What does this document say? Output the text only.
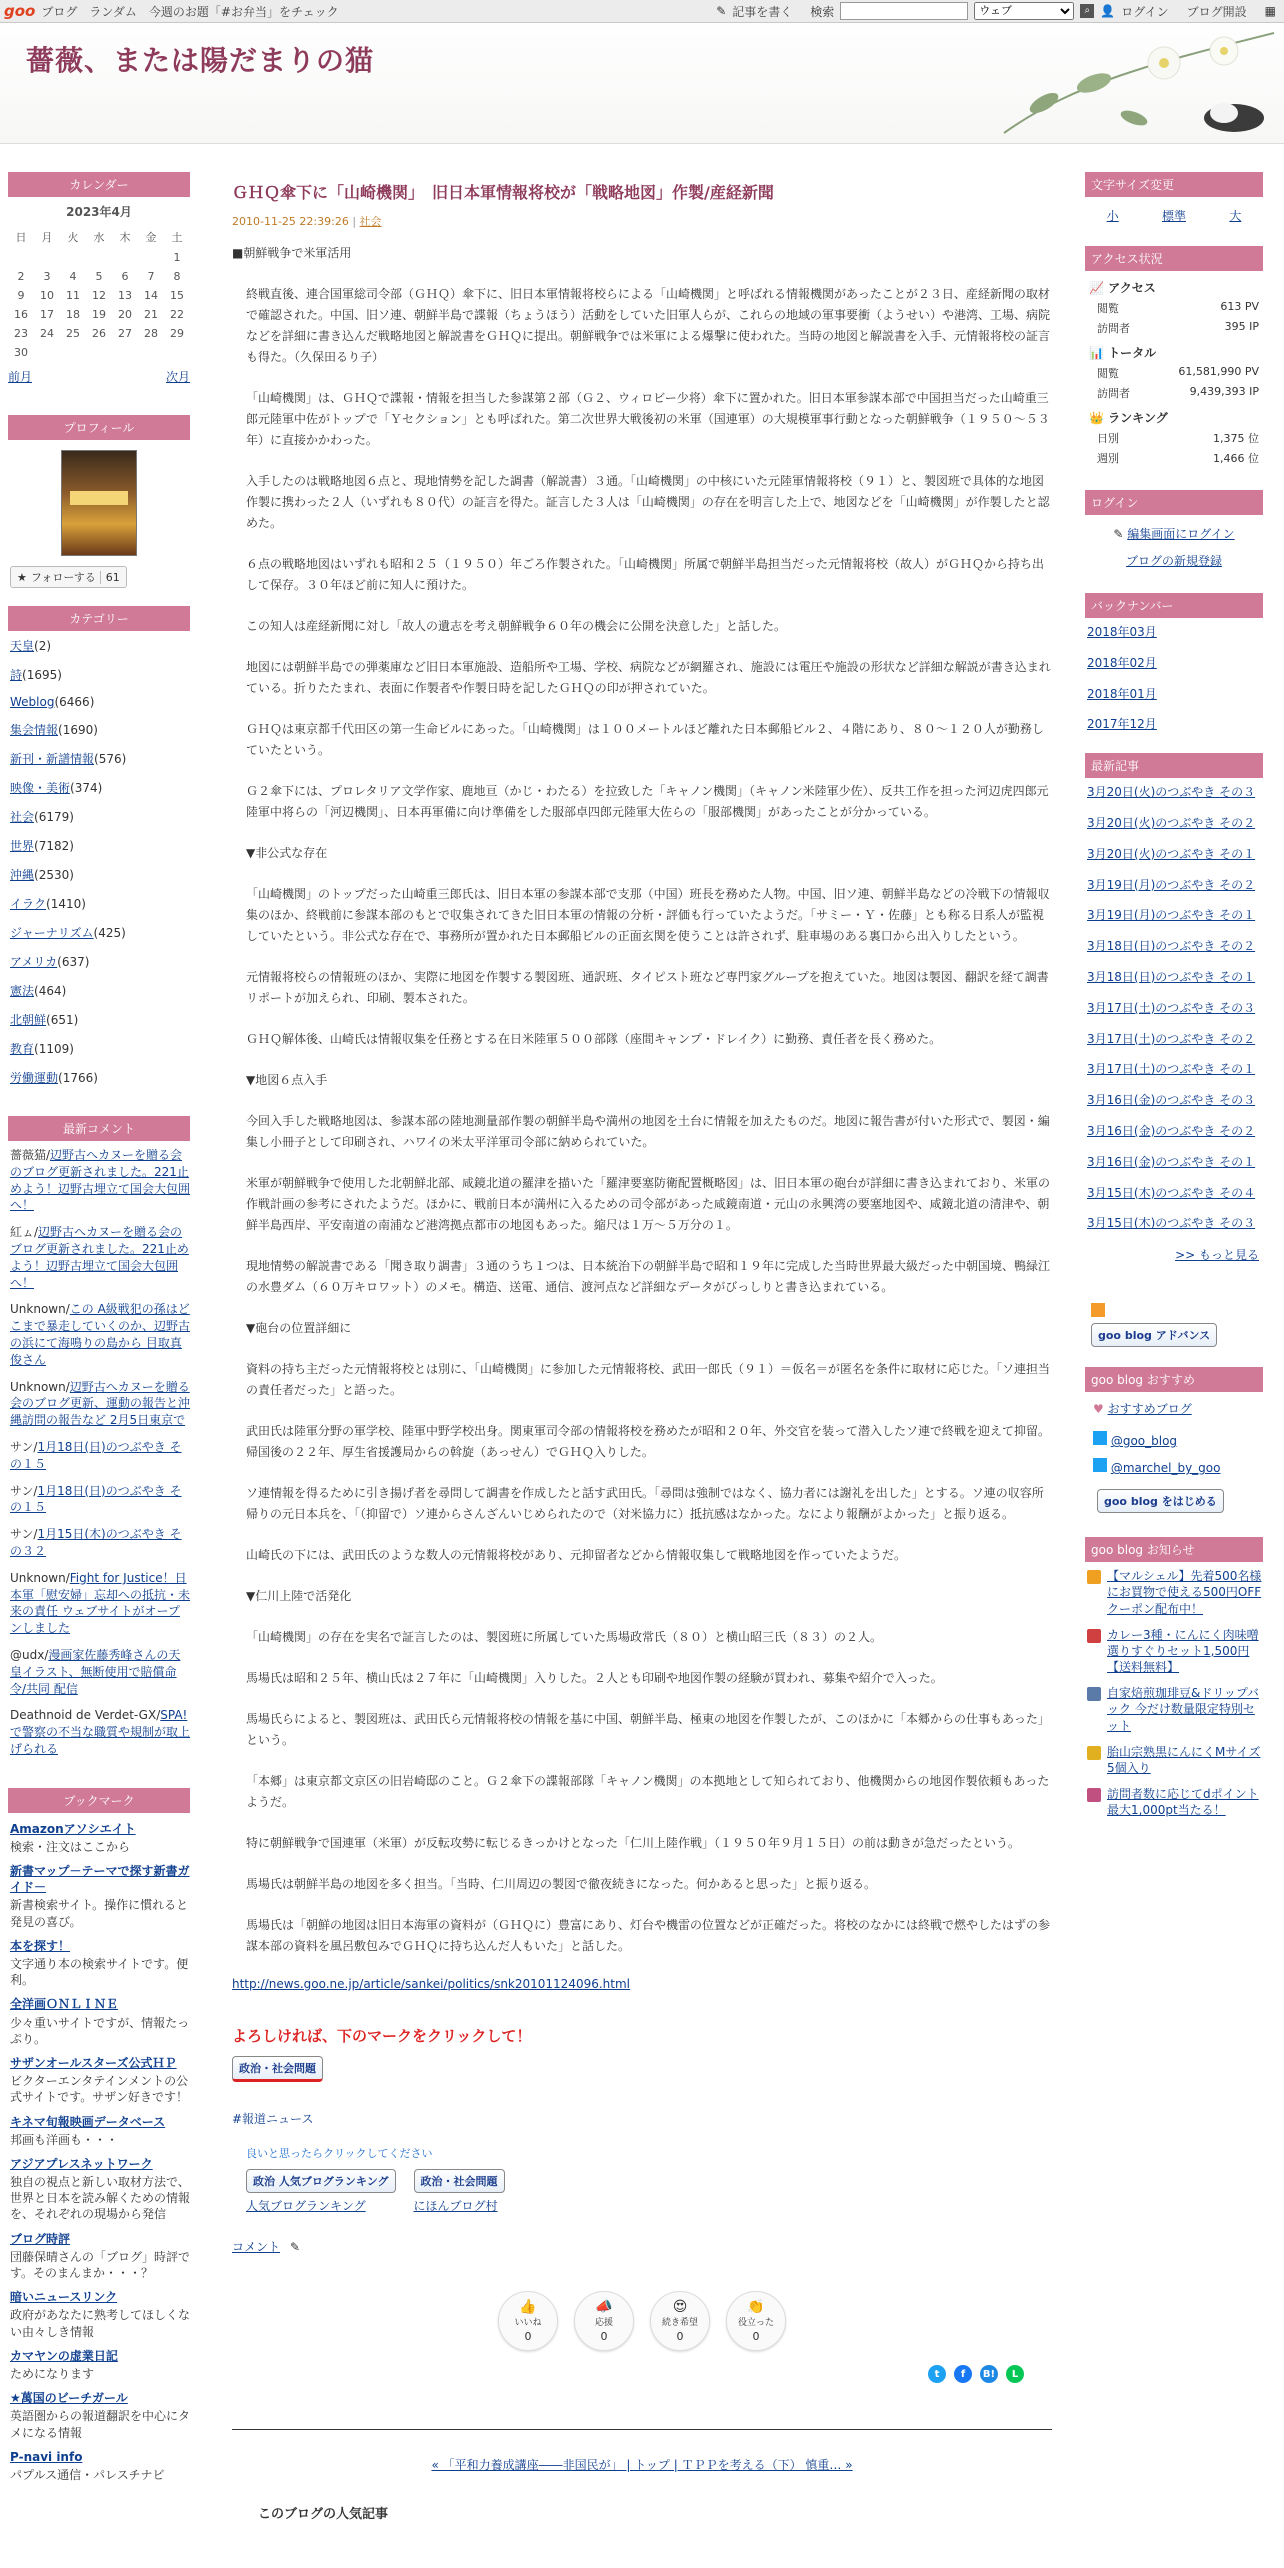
goo ブログ ランダム 今週のお題「#お弁当」をチェック	✎ 記事を書く 検索
ウェブ	⌕ 👤 ログイン ブログ開設 ▦
薔薇、または陽だまりの猫
カレンダー
2023年4月
日	月	火	水	木	金	土
						1
2	3	4	5	6	7	8
9	10	11	12	13	14	15
16	17	18	19	20	21	22
23	24	25	26	27	28	29
30						
前月	次月
プロフィール
★ フォローする 61
カテゴリー
天皇(2)
詩(1695)
Weblog(6466)
集会情報(1690)
新刊・新譜情報(576)
映像・美術(374)
社会(6179)
世界(7182)
沖縄(2530)
イラク(1410)
ジャーナリズム(425)
アメリカ(637)
憲法(464)
北朝鮮(651)
教育(1109)
労働運動(1766)
最新コメント
薔薇猫/辺野古へカヌーを贈る会のブログ更新されました。221止めよう！辺野古埋立て国会大包囲へ！
紅ㇺ/辺野古へカヌーを贈る会のブログ更新されました。221止めよう！辺野古埋立て国会大包囲へ！
Unknown/この A級戦犯の孫はどこまで暴走していくのか、辺野古の浜にて海鳴りの島から 目取真俊さん
Unknown/辺野古へカヌーを贈る会のブログ更新、運動の報告と沖縄訪問の報告など 2月5日東京で
サン/1月18日(日)のつぶやき その１５
サン/1月18日(日)のつぶやき その１５
サン/1月15日(木)のつぶやき その３２
Unknown/Fight for Justice！日本軍「慰安婦」忘却への抵抗・未来の責任 ウェブサイトがオープンしました
@udx/漫画家佐藤秀峰さんの天皇イラスト、無断使用で賠償命令/共同 配信
Deathnoid de Verdet-GX/SPA! で警察の不当な職質や規制が取上げられる
ブックマーク
Amazonアソシエイト
検索・注文はここから
新書マップ－テーマで探す新書ガイド－
新書検索サイト。操作に慣れると発見の喜び。
本を探す！
文字通り本の検索サイトです。便利。
全洋画ＯＮＬＩＮＥ
少々重いサイトですが、情報たっぷり。
サザンオールスターズ公式ＨＰ
ビクターエンタテインメントの公式サイトです。サザン好きです！
キネマ旬報映画データベース
邦画も洋画も・・・
アジアプレスネットワーク
独自の視点と新しい取材方法で、世界と日本を読み解くための情報を、それぞれの現場から発信
ブログ時評
団藤保晴さんの「ブログ」時評です。そのまんまか・・・？
暗いニュースリンク
政府があなたに熟考してほしくない由々しき情報
カマヤンの虚業日記
ためになります
★萬国のビーチガール
英語圏からの報道翻訳を中心にタメになる情報
P-navi info
パプルス通信・パレスチナビ
ＧＨＱ傘下に「山崎機関」　旧日本軍情報将校が「戦略地図」作製/産経新聞
2010-11-25 22:39:26 | 社会

■朝鮮戦争で米軍活用

終戦直後、連合国軍総司令部（ＧＨＱ）傘下に、旧日本軍情報将校らによる「山崎機関」と呼ばれる情報機関があったことが２３日、産経新聞の取材で確認された。中国、旧ソ連、朝鮮半島で諜報（ちょうほう）活動をしていた旧軍人らが、これらの地域の軍事要衝（ようせい）や港湾、工場、病院などを詳細に書き込んだ戦略地図と解説書をＧＨＱに提出。朝鮮戦争では米軍による爆撃に使われた。当時の地図と解説書を入手、元情報将校の証言も得た。（久保田るり子）

「山崎機関」は、ＧＨＱで諜報・情報を担当した参謀第２部（Ｇ２、ウィロビー少将）傘下に置かれた。旧日本軍参謀本部で中国担当だった山崎重三郎元陸軍中佐がトップで「Ｙセクション」とも呼ばれた。第二次世界大戦後初の米軍（国連軍）の大規模軍事行動となった朝鮮戦争（１９５０～５３年）に直接かかわった。

入手したのは戦略地図６点と、現地情勢を記した調書（解説書）３通。「山崎機関」の中核にいた元陸軍情報将校（９１）と、製図班で具体的な地図作製に携わった２人（いずれも８０代）の証言を得た。証言した３人は「山崎機関」の存在を明言した上で、地図などを「山崎機関」が作製したと認めた。

６点の戦略地図はいずれも昭和２５（１９５０）年ごろ作製された。「山崎機関」所属で朝鮮半島担当だった元情報将校（故人）がＧＨＱから持ち出して保存。３０年ほど前に知人に預けた。

この知人は産経新聞に対し「故人の遺志を考え朝鮮戦争６０年の機会に公開を決意した」と話した。

地図には朝鮮半島での弾薬庫など旧日本軍施設、造船所や工場、学校、病院などが網羅され、施設には電圧や施設の形状など詳細な解説が書き込まれている。折りたたまれ、表面に作製者や作製日時を記したＧＨＱの印が押されていた。

ＧＨＱは東京都千代田区の第一生命ビルにあった。「山崎機関」は１００メートルほど離れた日本郵船ビル２、４階にあり、８０～１２０人が勤務していたという。

Ｇ２傘下には、プロレタリア文学作家、鹿地亘（かじ・わたる）を拉致した「キャノン機関」（キャノン米陸軍少佐）、反共工作を担った河辺虎四郎元陸軍中将らの「河辺機関」、日本再軍備に向け準備をした服部卓四郎元陸軍大佐らの「服部機関」があったことが分かっている。

▼非公式な存在

「山崎機関」のトップだった山崎重三郎氏は、旧日本軍の参謀本部で支那（中国）班長を務めた人物。中国、旧ソ連、朝鮮半島などの冷戦下の情報収集のほか、終戦前に参謀本部のもとで収集されてきた旧日本軍の情報の分析・評価も行っていたようだ。「サミー・Ｙ・佐藤」とも称る日系人が監視していたという。非公式な存在で、事務所が置かれた日本郵船ビルの正面玄関を使うことは許されず、駐車場のある裏口から出入りしたという。

元情報将校らの情報班のほか、実際に地図を作製する製図班、通訳班、タイピスト班など専門家グループを抱えていた。地図は製図、翻訳を経て調書リポートが加えられ、印刷、製本された。

ＧＨＱ解体後、山崎氏は情報収集を任務とする在日米陸軍５００部隊（座間キャンプ・ドレイク）に勤務、責任者を長く務めた。

▼地図６点入手

今回入手した戦略地図は、参謀本部の陸地測量部作製の朝鮮半島や満州の地図を土台に情報を加えたものだ。地図に報告書が付いた形式で、製図・編集し小冊子として印刷され、ハワイの米太平洋軍司令部に納められていた。

米軍が朝鮮戦争で使用した北朝鮮北部、咸鏡北道の羅津を描いた「羅津要塞防衛配置概略図」は、旧日本軍の砲台が詳細に書き込まれており、米軍の作戦計画の参考にされたようだ。ほかに、戦前日本が満州に入るための司令部があった咸鏡南道・元山の永興湾の要塞地図や、咸鏡北道の清津や、朝鮮半島西岸、平安南道の南浦など港湾拠点都市の地図もあった。縮尺は１万～５万分の１。

現地情勢の解説書である「聞き取り調書」３通のうち１つは、日本統治下の朝鮮半島で昭和１９年に完成した当時世界最大級だった中朝国境、鴨緑江の水豊ダム（６０万キロワット）のメモ。構造、送電、通信、渡河点など詳細なデータがびっしりと書き込まれている。

▼砲台の位置詳細に

資料の持ち主だった元情報将校とは別に、「山崎機関」に参加した元情報将校、武田一郎氏（９１）＝仮名＝が匿名を条件に取材に応じた。「ソ連担当の責任者だった」と語った。

武田氏は陸軍分野の軍学校、陸軍中野学校出身。関東軍司令部の情報将校を務めたが昭和２０年、外交官を装って潜入したソ連で終戦を迎えて抑留。帰国後の２２年、厚生省援護局からの斡旋（あっせん）でＧＨＱ入りした。

ソ連情報を得るために引き揚げ者を尋問して調書を作成したと話す武田氏。「尋問は強制ではなく、協力者には謝礼を出した」とする。ソ連の収容所帰りの元日本兵を、「（抑留で）ソ連からさんざんいじめられたので（対米協力に）抵抗感はなかった。なにより報酬がよかった」と振り返る。

山崎氏の下には、武田氏のような数人の元情報将校があり、元抑留者などから情報収集して戦略地図を作っていたようだ。

▼仁川上陸で活発化

「山崎機関」の存在を実名で証言したのは、製図班に所属していた馬場政常氏（８０）と横山昭三氏（８３）の２人。

馬場氏は昭和２５年、横山氏は２７年に「山崎機関」入りした。２人とも印刷や地図作製の経験が買われ、募集や紹介で入った。

馬場氏らによると、製図班は、武田氏ら元情報将校の情報を基に中国、朝鮮半島、極東の地図を作製したが、このほかに「本郷からの仕事もあった」という。

「本郷」は東京都文京区の旧岩崎邸のこと。Ｇ２傘下の諜報部隊「キャノン機関」の本拠地として知られており、他機関からの地図作製依頼もあったようだ。

特に朝鮮戦争で国連軍（米軍）が反転攻勢に転じるきっかけとなった「仁川上陸作戦」（１９５０年９月１５日）の前は動きが急だったという。

馬場氏は朝鮮半島の地図を多く担当。「当時、仁川周辺の製図で徹夜続きになった。何かあると思った」と振り返る。

馬場氏は「朝鮮の地図は旧日本海軍の資料が（ＧＨＱに）豊富にあり、灯台や機雷の位置などが正確だった。将校のなかには終戦で燃やしたはずの参謀本部の資料を風呂敷包みでＧＨＱに持ち込んだ人もいた」と話した。

http://news.goo.ne.jp/article/sankei/politics/snk20101124096.html
よろしければ、下のマークをクリックして！
政治・社会問題
#報道ニュース
良いと思ったらクリックしてください
政治 人気ブログランキング
人気ブログランキング
政治・社会問題
にほんブログ村
コメント ✎
👍
いいね
0
📣
応援
0
😍
続き希望
0
👏
役立った
0
t	f	B!	L
« 「平和力養成講座――非国民が」 | トップ | ＴＰＰを考える（下） 慎重… »
このブログの人気記事
文字サイズ変更
小	標準	大
アクセス状況
📈 アクセス
閲覧	613 PV
訪問者	395 IP
📊 トータル
閲覧	61,581,990 PV
訪問者	9,439,393 IP
👑 ランキング
日別	1,375 位
週別	1,466 位
ログイン
✎ 編集画面にログイン
ブログの新規登録
バックナンバー
2018年03月
2018年02月
2018年01月
2017年12月
最新記事
3月20日(火)のつぶやき その３
3月20日(火)のつぶやき その２
3月20日(火)のつぶやき その１
3月19日(月)のつぶやき その２
3月19日(月)のつぶやき その１
3月18日(日)のつぶやき その２
3月18日(日)のつぶやき その１
3月17日(土)のつぶやき その３
3月17日(土)のつぶやき その２
3月17日(土)のつぶやき その１
3月16日(金)のつぶやき その３
3月16日(金)のつぶやき その２
3月16日(金)のつぶやき その１
3月15日(木)のつぶやき その４
3月15日(木)のつぶやき その３
>> もっと見る
goo blog アドバンス
goo blog おすすめ
♥ おすすめブログ
@goo_blog
@marchel_by_goo
goo blog をはじめる
goo blog お知らせ
【マルシェル】先着500名様にお買物で使える500円OFFクーポン配布中！
カレー3種・にんにく肉味噌選りすぐりセット1,500円【送料無料】
自家焙煎珈琲豆&ドリップバック 今だけ数量限定特別セット
胎山宗熟黒にんにくMサイズ5個入り
訪問者数に応じてdポイント最大1,000pt当たる！
